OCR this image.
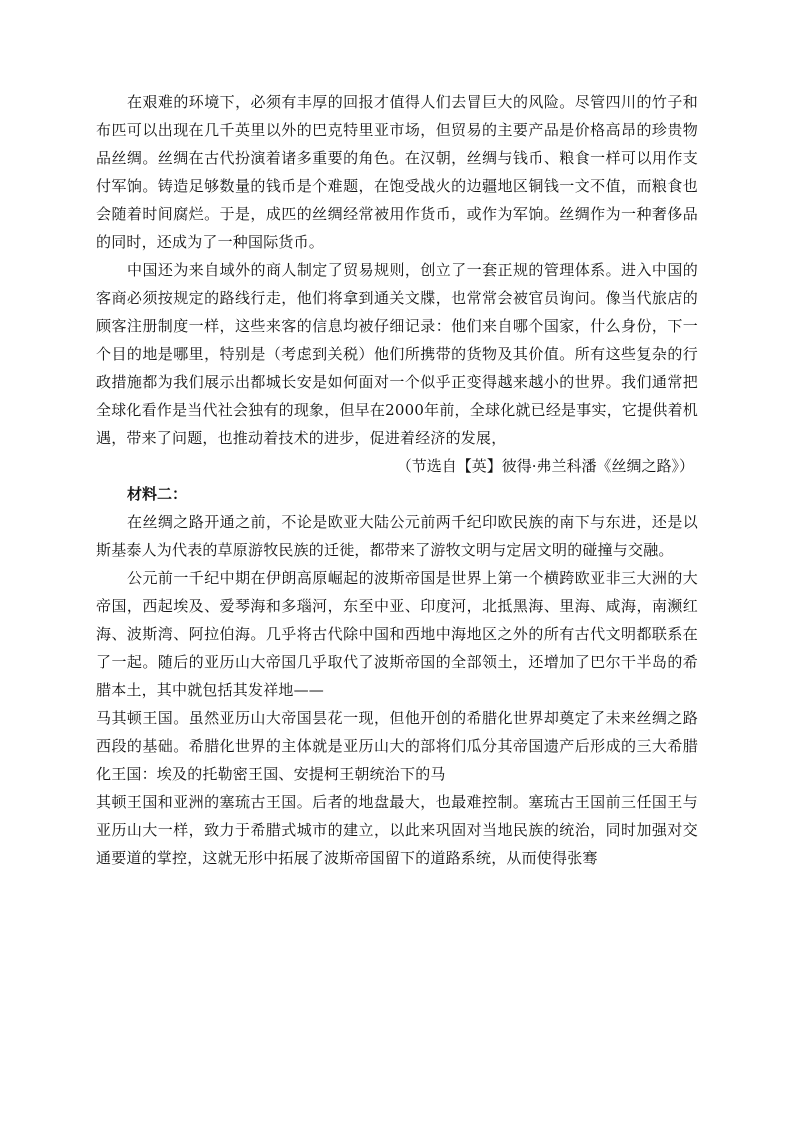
在艰难的环境下，必须有丰厚的回报才值得人们去冒巨大的风险。尽管四川的竹子和布匹可以出现在几千英里以外的巴克特里亚市场，但贸易的主要产品是价格高昂的珍贵物品丝绸。丝绸在古代扮演着诸多重要的角色。在汉朝，丝绸与钱币、粮食一样可以用作支付军饷。铸造足够数量的钱币是个难题，在饱受战火的边疆地区铜钱一文不值，而粮食也会随着时间腐烂。于是，成匹的丝绸经常被用作货币，或作为军饷。丝绸作为一种奢侈品的同时，还成为了一种国际货币。

中国还为来自域外的商人制定了贸易规则，创立了一套正规的管理体系。进入中国的客商必须按规定的路线行走，他们将拿到通关文牒，也常常会被官员询问。像当代旅店的顾客注册制度一样，这些来客的信息均被仔细记录：他们来自哪个国家，什么身份，下一个目的地是哪里，特别是（考虑到关税）他们所携带的货物及其价值。所有这些复杂的行政措施都为我们展示出都城长安是如何面对一个似乎正变得越来越小的世界。我们通常把全球化看作是当代社会独有的现象，但早在2000年前，全球化就已经是事实，它提供着机遇，带来了问题，也推动着技术的进步，促进着经济的发展，

（节选自【英】彼得·弗兰科潘《丝绸之路》）

材料二：

在丝绸之路开通之前，不论是欧亚大陆公元前两千纪印欧民族的南下与东进，还是以斯基泰人为代表的草原游牧民族的迁徙，都带来了游牧文明与定居文明的碰撞与交融。

公元前一千纪中期在伊朗高原崛起的波斯帝国是世界上第一个横跨欧亚非三大洲的大帝国，西起埃及、爱琴海和多瑙河，东至中亚、印度河，北抵黑海、里海、咸海，南濒红海、波斯湾、阿拉伯海。几乎将古代除中国和西地中海地区之外的所有古代文明都联系在了一起。随后的亚历山大帝国几乎取代了波斯帝国的全部领土，还增加了巴尔干半岛的希腊本土，其中就包括其发祥地——

马其顿王国。虽然亚历山大帝国昙花一现，但他开创的希腊化世界却奠定了未来丝绸之路西段的基础。希腊化世界的主体就是亚历山大的部将们瓜分其帝国遗产后形成的三大希腊化王国：埃及的托勒密王国、安提柯王朝统治下的马

其顿王国和亚洲的塞琉古王国。后者的地盘最大，也最难控制。塞琉古王国前三任国王与亚历山大一样，致力于希腊式城市的建立，以此来巩固对当地民族的统治，同时加强对交通要道的掌控，这就无形中拓展了波斯帝国留下的道路系统，从而使得张骞
